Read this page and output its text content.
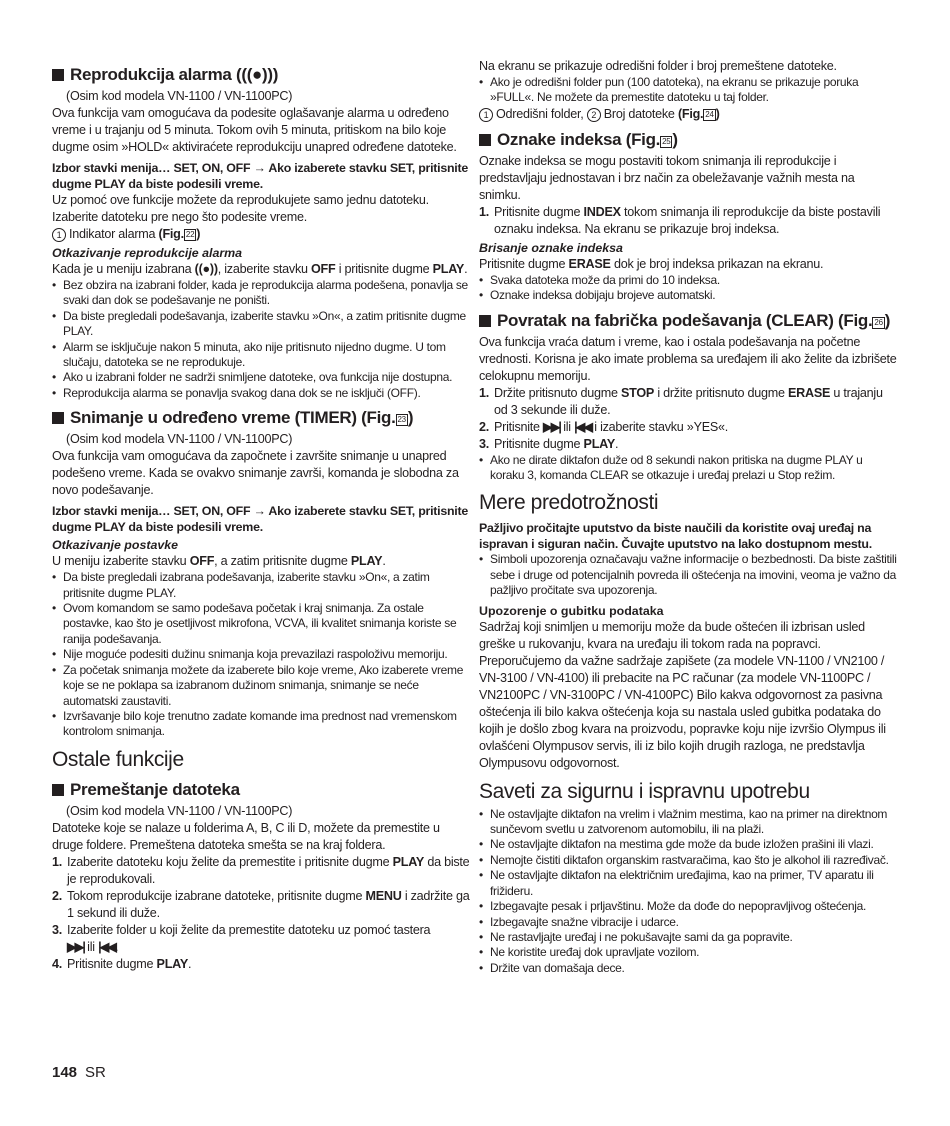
Reprodukcija alarma (((●)))

(Osim kod modela VN-1100 / VN-1100PC)

Ova funkcija vam omogućava da podesite oglašavanje alarma u određeno vreme i u trajanju od 5 minuta. Tokom ovih 5 minuta, pritiskom na bilo koje dugme osim »HOLD« aktiviraćete reprodukciju unapred određene datoteke.

Izbor stavki menija… SET, ON, OFF → Ako izaberete stavku SET, pritisnite dugme PLAY da biste podesili vreme.

Uz pomoć ove funkcije možete da reprodukujete samo jednu datoteku. Izaberite datoteku pre nego što podesite vreme.

1 Indikator alarma (Fig. 22 )

Otkazivanje reprodukcije alarma

Kada je u meniju izabrana ((●)), izaberite stavku OFF i pritisnite dugme PLAY.

• Bez obzira na izabrani folder, kada je reprodukcija alarma podešena, ponavlja se svaki dan dok se podešavanje ne poništi.

• Da biste pregledali podešavanja, izaberite stavku »On«, a zatim pritisnite dugme PLAY.

• Alarm se isključuje nakon 5 minuta, ako nije pritisnuto nijedno dugme. U tom slučaju, datoteka se ne reprodukuje.

• Ako u izabrani folder ne sadrži snimljene datoteke, ova funkcija nije dostupna.

• Reprodukcija alarma se ponavlja svakog dana dok se ne isključi (OFF).

Snimanje u određeno vreme (TIMER) (Fig. 23 )

(Osim kod modela VN-1100 / VN-1100PC)

Ova funkcija vam omogućava da započnete i završite snimanje u unapred podešeno vreme. Kada se ovakvo snimanje završi, komanda je slobodna za novo podešavanje.

Izbor stavki menija… SET, ON, OFF → Ako izaberete stavku SET, pritisnite dugme PLAY da biste podesili vreme.

Otkazivanje postavke

U meniju izaberite stavku OFF, a zatim pritisnite dugme PLAY.

• Da biste pregledali izabrana podešavanja, izaberite stavku »On«, a zatim pritisnite dugme PLAY.

• Ovom komandom se samo podešava početak i kraj snimanja. Za ostale postavke, kao što je osetljivost mikrofona, VCVA, ili kvalitet snimanja koriste se ranija podešavanja.

• Nije moguće podesiti dužinu snimanja koja prevazilazi raspoloživu memoriju.

• Za početak snimanja možete da izaberete bilo koje vreme, Ako izaberete vreme koje se ne poklapa sa izabranom dužinom snimanja, snimanje se neće automatski zaustaviti.

• Izvršavanje bilo koje trenutno zadate komande ima prednost nad vremenskom kontrolom snimanja.

Ostale funkcije
Premeštanje datoteka

(Osim kod modela VN-1100 / VN-1100PC)

Datoteke koje se nalaze u folderima A, B, C ili D, možete da premestite u druge foldere. Premeštena datoteka smešta se na kraj foldera.

1. Izaberite datoteku koju želite da premestite i pritisnite dugme PLAY da biste je reprodukovali.

2. Tokom reprodukcije izabrane datoteke, pritisnite dugme MENU i zadržite ga 1 sekund ili duže.

3. Izaberite folder u koji želite da premestite datoteku uz pomoć tastera
▶▶| ili |◀◀.

4. Pritisnite dugme PLAY.

Na ekranu se prikazuje odredišni folder i broj premeštene datoteke.

• Ako je odredišni folder pun (100 datoteka), na ekranu se prikazuje poruka »FULL«. Ne možete da premestite datoteku u taj folder.

1 Odredišni folder, 2 Broj datoteke (Fig. 24 )

Oznake indeksa (Fig. 25 )

Oznake indeksa se mogu postaviti tokom snimanja ili reprodukcije i predstavljaju jednostavan i brz način za obeležavanje važnih mesta na snimku.

1. Pritisnite dugme INDEX tokom snimanja ili reprodukcije da biste postavili oznaku indeksa. Na ekranu se prikazuje broj indeksa.

Brisanje oznake indeksa

Pritisnite dugme ERASE dok je broj indeksa prikazan na ekranu.

• Svaka datoteka može da primi do 10 indeksa.

• Oznake indeksa dobijaju brojeve automatski.

Povratak na fabrička podešavanja (CLEAR) (Fig. 26 )

Ova funkcija vraća datum i vreme, kao i ostala podešavanja na početne vrednosti. Korisna je ako imate problema sa uređajem ili ako želite da izbrišete celokupnu memoriju.

1. Držite pritisnuto dugme STOP i držite pritisnuto dugme ERASE u trajanju od 3 sekunde ili duže.

2. Pritisnite ▶▶| ili |◀◀ i izaberite stavku »YES«.

3. Pritisnite dugme PLAY.

• Ako ne dirate diktafon duže od 8 sekundi nakon pritiska na dugme PLAY u koraku 3, komanda CLEAR se otkazuje i uređaj prelazi u Stop režim.

Mere predotrožnosti

Pažljivo pročitajte uputstvo da biste naučili da koristite ovaj uređaj na ispravan i siguran način. Čuvajte uputstvo na lako dostupnom mestu.

• Simboli upozorenja označavaju važne informacije o bezbednosti. Da biste zaštitili sebe i druge od potencijalnih povreda ili oštećenja na imovini, veoma je važno da pažljivo pročitate sva upozorenja.

Upozorenje o gubitku podataka

Sadržaj koji snimljen u memoriju može da bude oštećen ili izbrisan usled greške u rukovanju, kvara na uređaju ili tokom rada na popravci. Preporučujemo da važne sadržaje zapišete (za modele VN-1100 / VN2100 / VN-3100 / VN-4100) ili prebacite na PC računar (za modele VN-1100PC / VN2100PC / VN-3100PC / VN-4100PC) Bilo kakva odgovornost za pasivna oštećenja ili bilo kakva oštećenja koja su nastala usled gubitka podataka do kojih je došlo zbog kvara na proizvodu, popravke koju nije izvršio Olympus ili ovlašćeni Olympusov servis, ili iz bilo kojih drugih razloga, ne predstavlja Olympusovu odgovornost.

Saveti za sigurnu i ispravnu upotrebu

• Ne ostavljajte diktafon na vrelim i vlažnim mestima, kao na primer na direktnom sunčevom svetlu u zatvorenom automobilu, ili na plaži.

• Ne ostavljajte diktafon na mestima gde može da bude izložen prašini ili vlazi.

• Nemojte čistiti diktafon organskim rastvaračima, kao što je alkohol ili razređivač.

• Ne ostavljajte diktafon na električnim uređajima, kao na primer, TV aparatu ili frižideru.

• Izbegavajte pesak i prljavštinu. Može da dođe do nepopravljivog oštećenja.

• Izbegavajte snažne vibracije i udarce.

• Ne rastavljajte uređaj i ne pokušavajte sami da ga popravite.

• Ne koristite uređaj dok upravljate vozilom.

• Držite van domašaja dece.

148 SR
